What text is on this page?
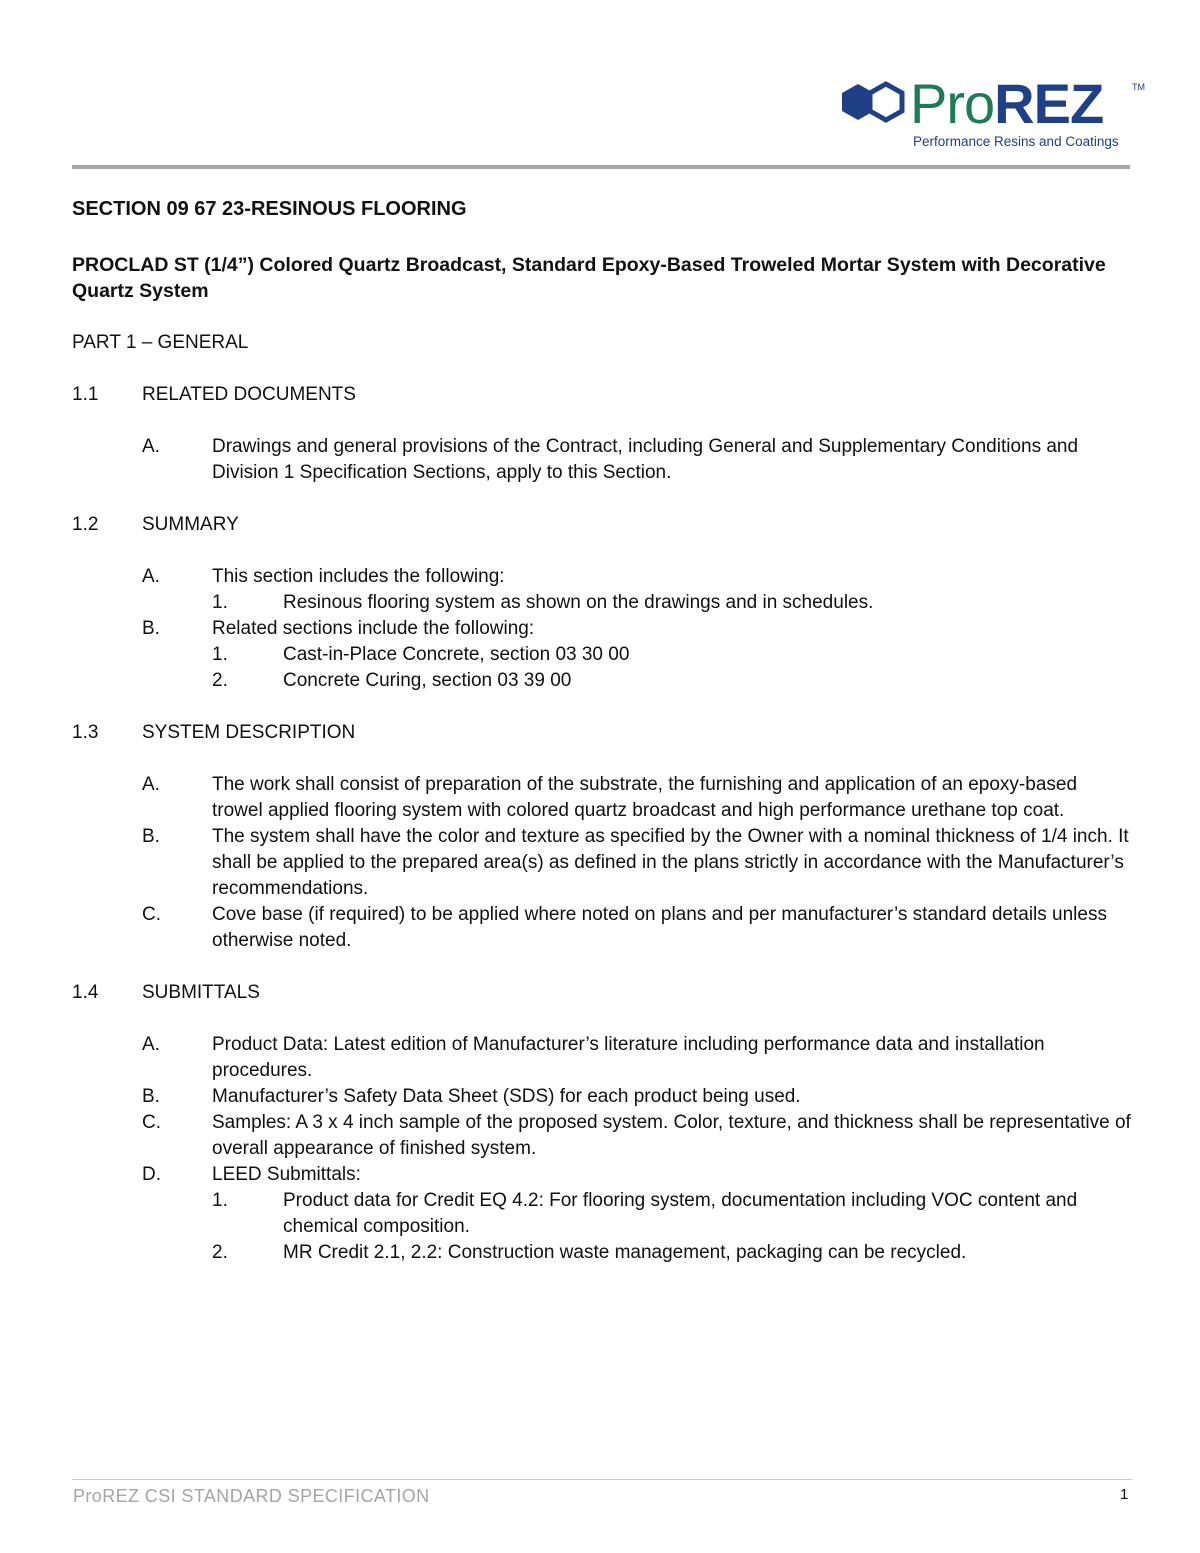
ProREZ	TM
Performance Resins and Coatings
SECTION 09 67 23-RESINOUS FLOORING
PROCLAD ST (1/4”) Colored Quartz Broadcast, Standard Epoxy-Based Troweled Mortar System with Decorative Quartz System
PART 1 – GENERAL
1.1	RELATED DOCUMENTS
A.	Drawings and general provisions of the Contract, including General and Supplementary Conditions and Division 1 Specification Sections, apply to this Section.
1.2	SUMMARY
A.	This section includes the following:
1.	Resinous flooring system as shown on the drawings and in schedules.
B.	Related sections include the following:
1.	Cast-in-Place Concrete, section 03 30 00
2.	Concrete Curing, section 03 39 00
1.3	SYSTEM DESCRIPTION
A.	The work shall consist of preparation of the substrate, the furnishing and application of an epoxy-based trowel applied flooring system with colored quartz broadcast and high performance urethane top coat.
B.	The system shall have the color and texture as specified by the Owner with a nominal thickness of 1/4 inch. It shall be applied to the prepared area(s) as defined in the plans strictly in accordance with the Manufacturer’s recommendations.
C.	Cove base (if required) to be applied where noted on plans and per manufacturer’s standard details unless otherwise noted.
1.4	SUBMITTALS
A.	Product Data: Latest edition of Manufacturer’s literature including performance data and installation procedures.
B.	Manufacturer’s Safety Data Sheet (SDS) for each product being used.
C.	Samples: A 3 x 4 inch sample of the proposed system. Color, texture, and thickness shall be representative of overall appearance of finished system.
D.	LEED Submittals:
1.	Product data for Credit EQ 4.2: For flooring system, documentation including VOC content and chemical composition.
2.	MR Credit 2.1, 2.2: Construction waste management, packaging can be recycled.
ProREZ CSI STANDARD SPECIFICATION	1
